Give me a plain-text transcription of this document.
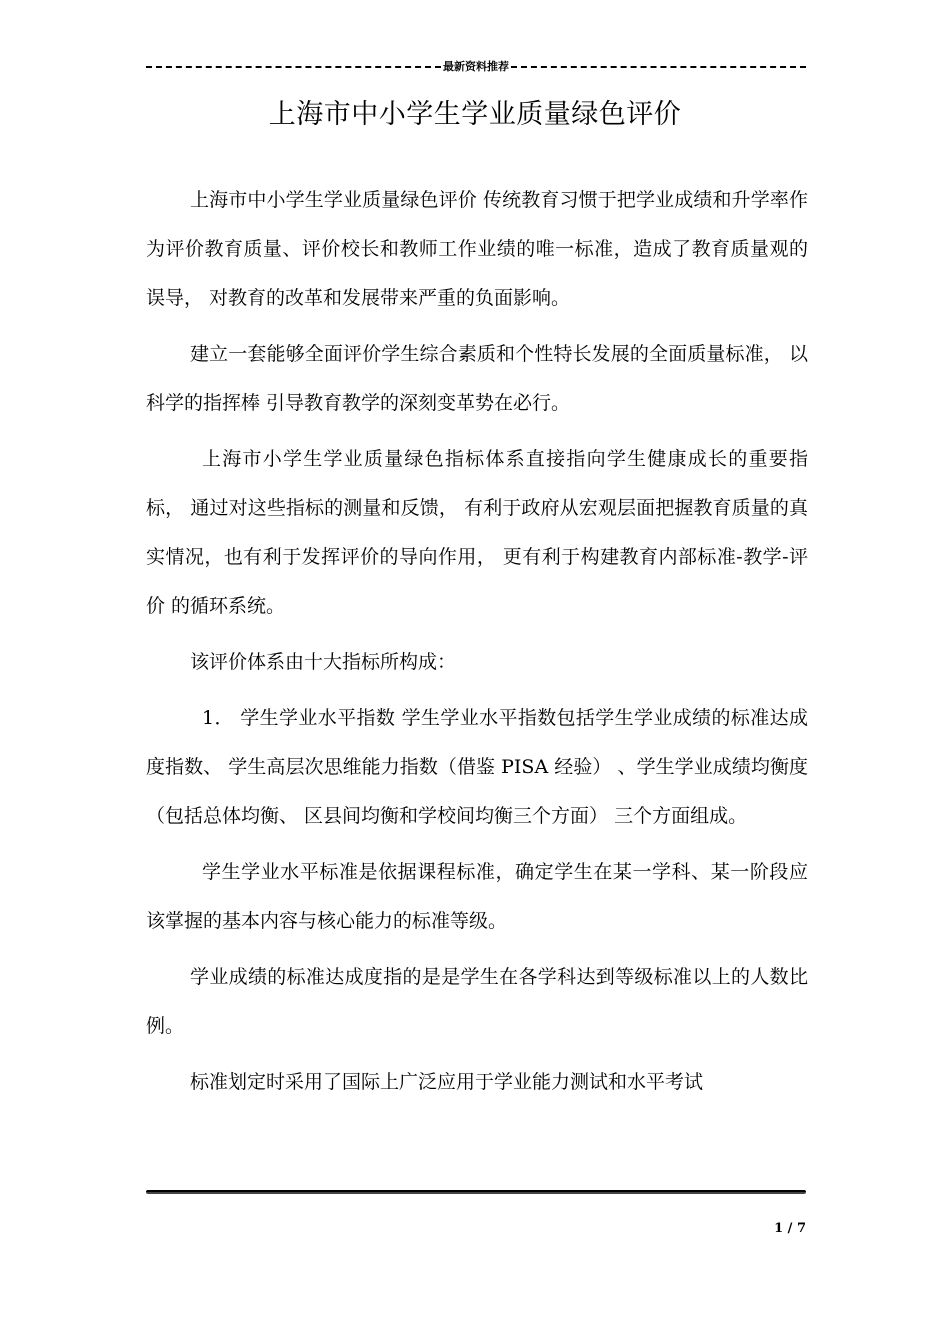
最新资料推荐
上海市中小学生学业质量绿色评价

上海市中小学生学业质量绿色评价 传统教育习惯于把学业成绩和升学率作为评价教育质量、评价校长和教师工作业绩的唯一标准，造成了教育质量观的误导， 对教育的改革和发展带来严重的负面影响。

建立一套能够全面评价学生综合素质和个性特长发展的全面质量标准， 以科学的指挥棒 引导教育教学的深刻变革势在必行。

上海市小学生学业质量绿色指标体系直接指向学生健康成长的重要指标， 通过对这些指标的测量和反馈， 有利于政府从宏观层面把握教育质量的真实情况，也有利于发挥评价的导向作用， 更有利于构建教育内部标准-教学-评价 的循环系统。

该评价体系由十大指标所构成：

1． 学生学业水平指数 学生学业水平指数包括学生学业成绩的标准达成度指数、 学生高层次思维能力指数（借鉴 PISA 经验） 、学生学业成绩均衡度（包括总体均衡、 区县间均衡和学校间均衡三个方面） 三个方面组成。

学生学业水平标准是依据课程标准，确定学生在某一学科、某一阶段应该掌握的基本内容与核心能力的标准等级。

学业成绩的标准达成度指的是是学生在各学科达到等级标准以上的人数比例。

标准划定时采用了国际上广泛应用于学业能力测试和水平考试

1 / 7
